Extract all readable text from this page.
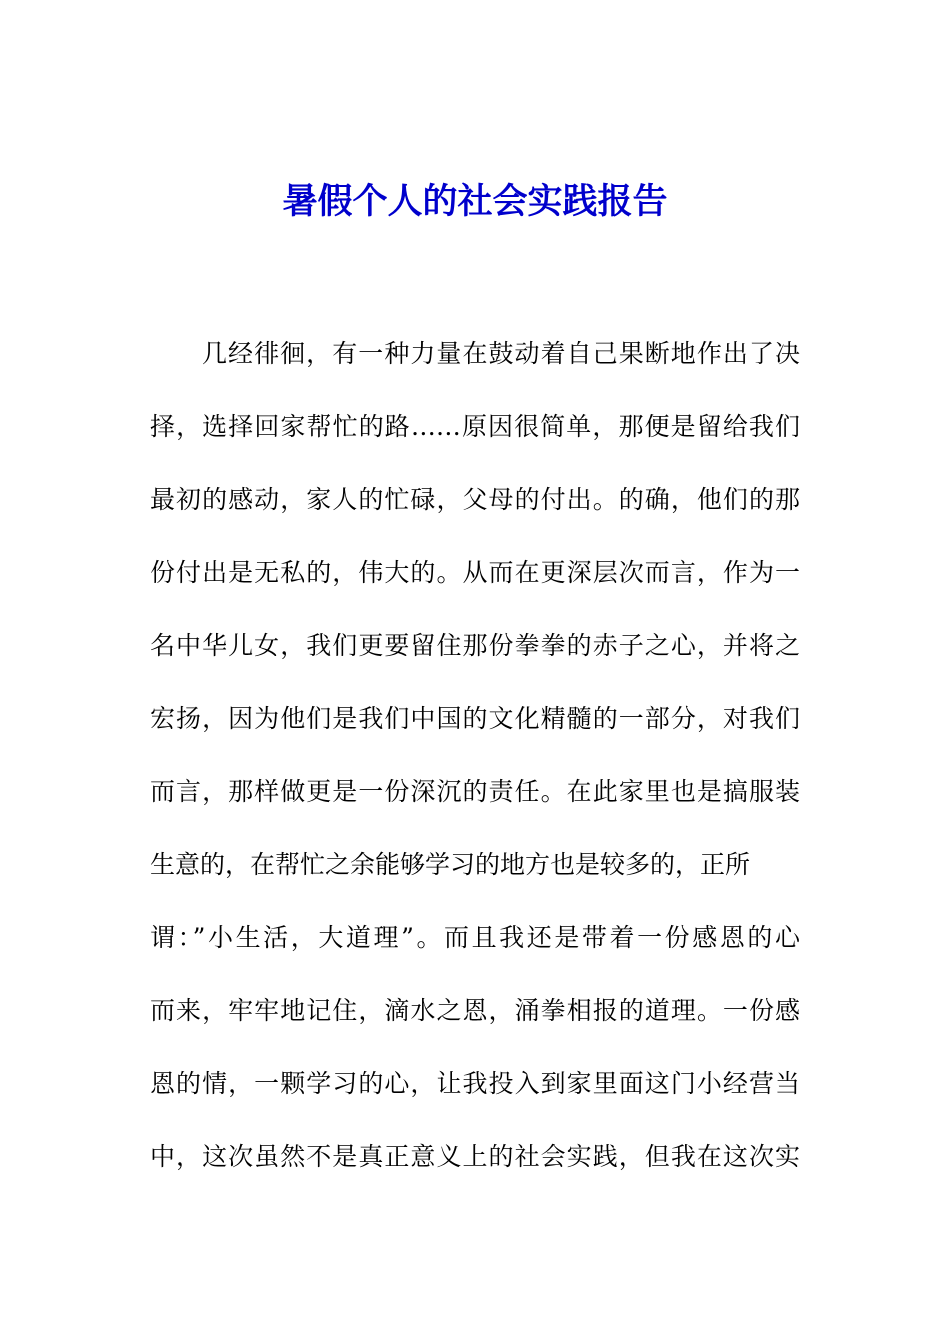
暑假个人的社会实践报告
几经徘徊，有一种力量在鼓动着自己果断地作出了决
择，选择回家帮忙的路……原因很简单，那便是留给我们
最初的感动，家人的忙碌，父母的付出。的确，他们的那
份付出是无私的，伟大的。从而在更深层次而言，作为一
名中华儿女，我们更要留住那份拳拳的赤子之心，并将之
宏扬，因为他们是我们中国的文化精髓的一部分，对我们
而言，那样做更是一份深沉的责任。在此家里也是搞服装
生意的，在帮忙之余能够学习的地方也是较多的，正所
谓：”小生活，大道理”。而且我还是带着一份感恩的心
而来，牢牢地记住，滴水之恩，涌拳相报的道理。一份感
恩的情，一颗学习的心，让我投入到家里面这门小经营当
中，这次虽然不是真正意义上的社会实践，但我在这次实
